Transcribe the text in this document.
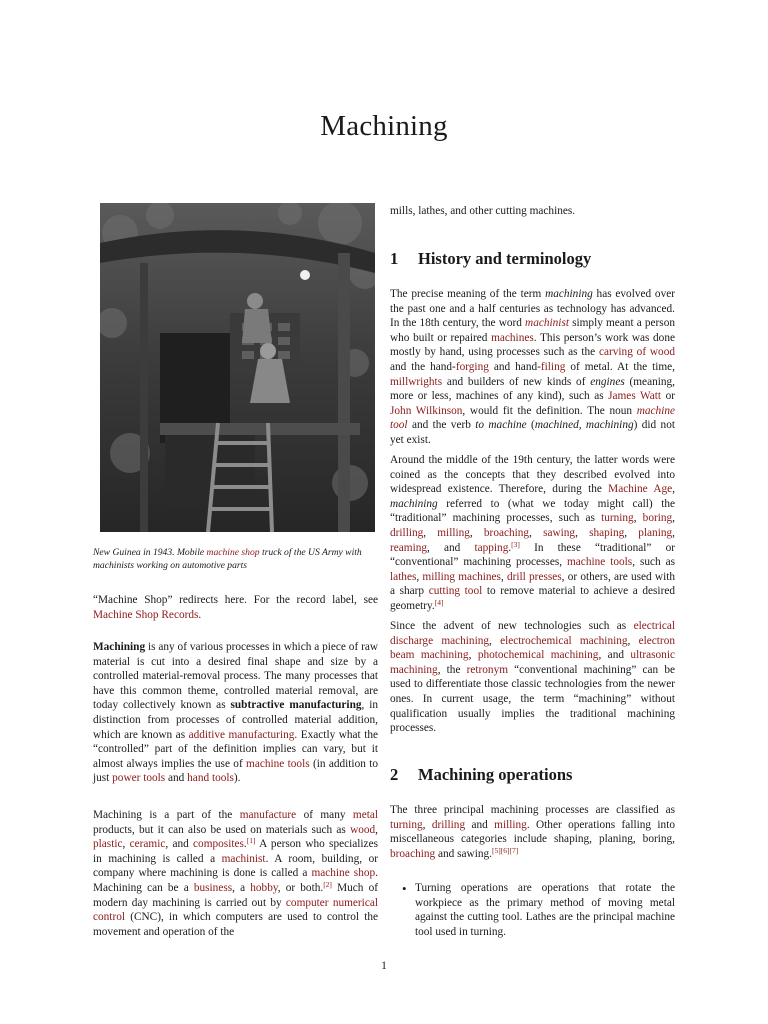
Machining

New Guinea in 1943. Mobile machine shop truck of the US Army with machinists working on automotive parts

“Machine Shop” redirects here. For the record label, see Machine Shop Records.

Machining is any of various processes in which a piece of raw material is cut into a desired final shape and size by a controlled material-removal process. The many processes that have this common theme, controlled material removal, are today collectively known as subtractive manufacturing, in distinction from processes of controlled material addition, which are known as additive manufacturing. Exactly what the “controlled” part of the definition implies can vary, but it almost always implies the use of machine tools (in addition to just power tools and hand tools).

Machining is a part of the manufacture of many metal products, but it can also be used on materials such as wood, plastic, ceramic, and composites.[1] A person who specializes in machining is called a machinist. A room, building, or company where machining is done is called a machine shop. Machining can be a business, a hobby, or both.[2] Much of modern day machining is carried out by computer numerical control (CNC), in which computers are used to control the movement and operation of the

mills, lathes, and other cutting machines.

1 History and terminology

The precise meaning of the term machining has evolved over the past one and a half centuries as technology has advanced. In the 18th century, the word machinist simply meant a person who built or repaired machines. This person’s work was done mostly by hand, using processes such as the carving of wood and the hand-forging and hand-filing of metal. At the time, millwrights and builders of new kinds of engines (meaning, more or less, machines of any kind), such as James Watt or John Wilkinson, would fit the definition. The noun machine tool and the verb to machine (machined, machining) did not yet exist.

Around the middle of the 19th century, the latter words were coined as the concepts that they described evolved into widespread existence. Therefore, during the Machine Age, machining referred to (what we today might call) the “traditional” machining processes, such as turning, boring, drilling, milling, broaching, sawing, shaping, planing, reaming, and tapping.[3] In these “traditional” or “conventional” machining processes, machine tools, such as lathes, milling machines, drill presses, or others, are used with a sharp cutting tool to remove material to achieve a desired geometry.[4]

Since the advent of new technologies such as electrical discharge machining, electrochemical machining, electron beam machining, photochemical machining, and ultrasonic machining, the retronym “conventional machining” can be used to differentiate those classic technologies from the newer ones. In current usage, the term “machining” without qualification usually implies the traditional machining processes.

2 Machining operations

The three principal machining processes are classified as turning, drilling and milling. Other operations falling into miscellaneous categories include shaping, planing, boring, broaching and sawing.[5][6][7]

• Turning operations are operations that rotate the workpiece as the primary method of moving metal against the cutting tool. Lathes are the principal machine tool used in turning.

1
